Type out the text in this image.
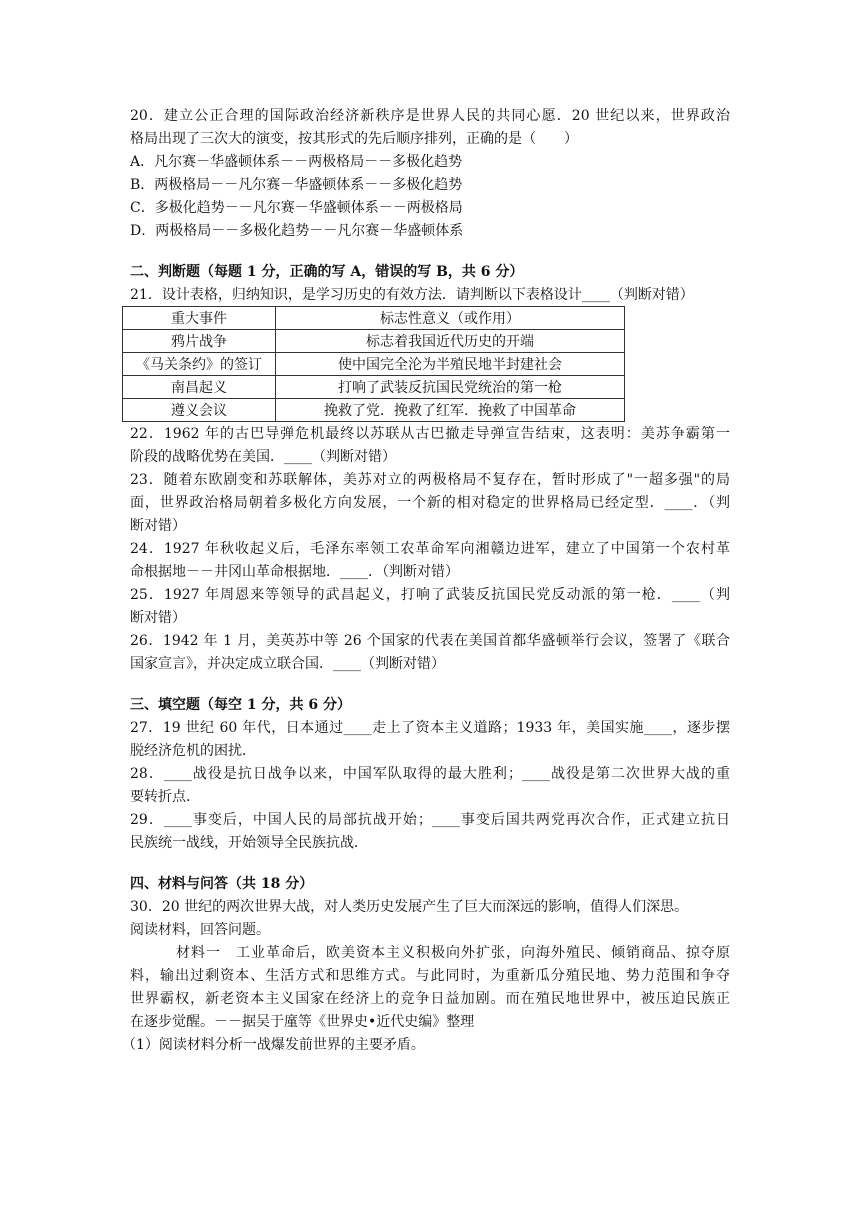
20．建立公正合理的国际政治经济新秩序是世界人民的共同心愿．20 世纪以来，世界政治
格局出现了三次大的演变，按其形式的先后顺序排列，正确的是（　　）
A．凡尔赛－华盛顿体系－－两极格局－－多极化趋势
B．两极格局－－凡尔赛－华盛顿体系－－多极化趋势
C．多极化趋势－－凡尔赛－华盛顿体系－－两极格局
D．两极格局－－多极化趋势－－凡尔赛－华盛顿体系
二、判断题（每题 1 分，正确的写 A，错误的写 B，共 6 分）
21．设计表格，归纳知识，是学习历史的有效方法．请判断以下表格设计____（判断对错）
重大事件	标志性意义（或作用）
鸦片战争	标志着我国近代历史的开端
《马关条约》的签订	使中国完全沦为半殖民地半封建社会
南昌起义	打响了武装反抗国民党统治的第一枪
遵义会议	挽救了党．挽救了红军．挽救了中国革命
22．1962 年的古巴导弹危机最终以苏联从古巴撤走导弹宣告结束，这表明：美苏争霸第一
阶段的战略优势在美国．____（判断对错）
23．随着东欧剧变和苏联解体，美苏对立的两极格局不复存在，暂时形成了"一超多强"的局
面，世界政治格局朝着多极化方向发展，一个新的相对稳定的世界格局已经定型．____．（判
断对错）
24．1927 年秋收起义后，毛泽东率领工农革命军向湘赣边进军，建立了中国第一个农村革
命根据地－－井冈山革命根据地．____．（判断对错）
25．1927 年周恩来等领导的武昌起义，打响了武装反抗国民党反动派的第一枪．____（判
断对错）
26．1942 年 1 月，美英苏中等 26 个国家的代表在美国首都华盛顿举行会议，签署了《联合
国家宣言》，并决定成立联合国．____（判断对错）
三、填空题（每空 1 分，共 6 分）
27．19 世纪 60 年代，日本通过____走上了资本主义道路；1933 年，美国实施____，逐步摆
脱经济危机的困扰．
28．____战役是抗日战争以来，中国军队取得的最大胜利；____战役是第二次世界大战的重
要转折点．
29．____事变后，中国人民的局部抗战开始；____事变后国共两党再次合作，正式建立抗日
民族统一战线，开始领导全民族抗战．
四、材料与问答（共 18 分）
30．20 世纪的两次世界大战，对人类历史发展产生了巨大而深远的影响，值得人们深思。
阅读材料，回答问题。
材料一　工业革命后，欧美资本主义积极向外扩张，向海外殖民、倾销商品、掠夺原
料，输出过剩资本、生活方式和思维方式。与此同时，为重新瓜分殖民地、势力范围和争夺
世界霸权，新老资本主义国家在经济上的竞争日益加剧。而在殖民地世界中，被压迫民族正
在逐步觉醒。－－据吴于廑等《世界史•近代史编》整理
（1）阅读材料分析一战爆发前世界的主要矛盾。
